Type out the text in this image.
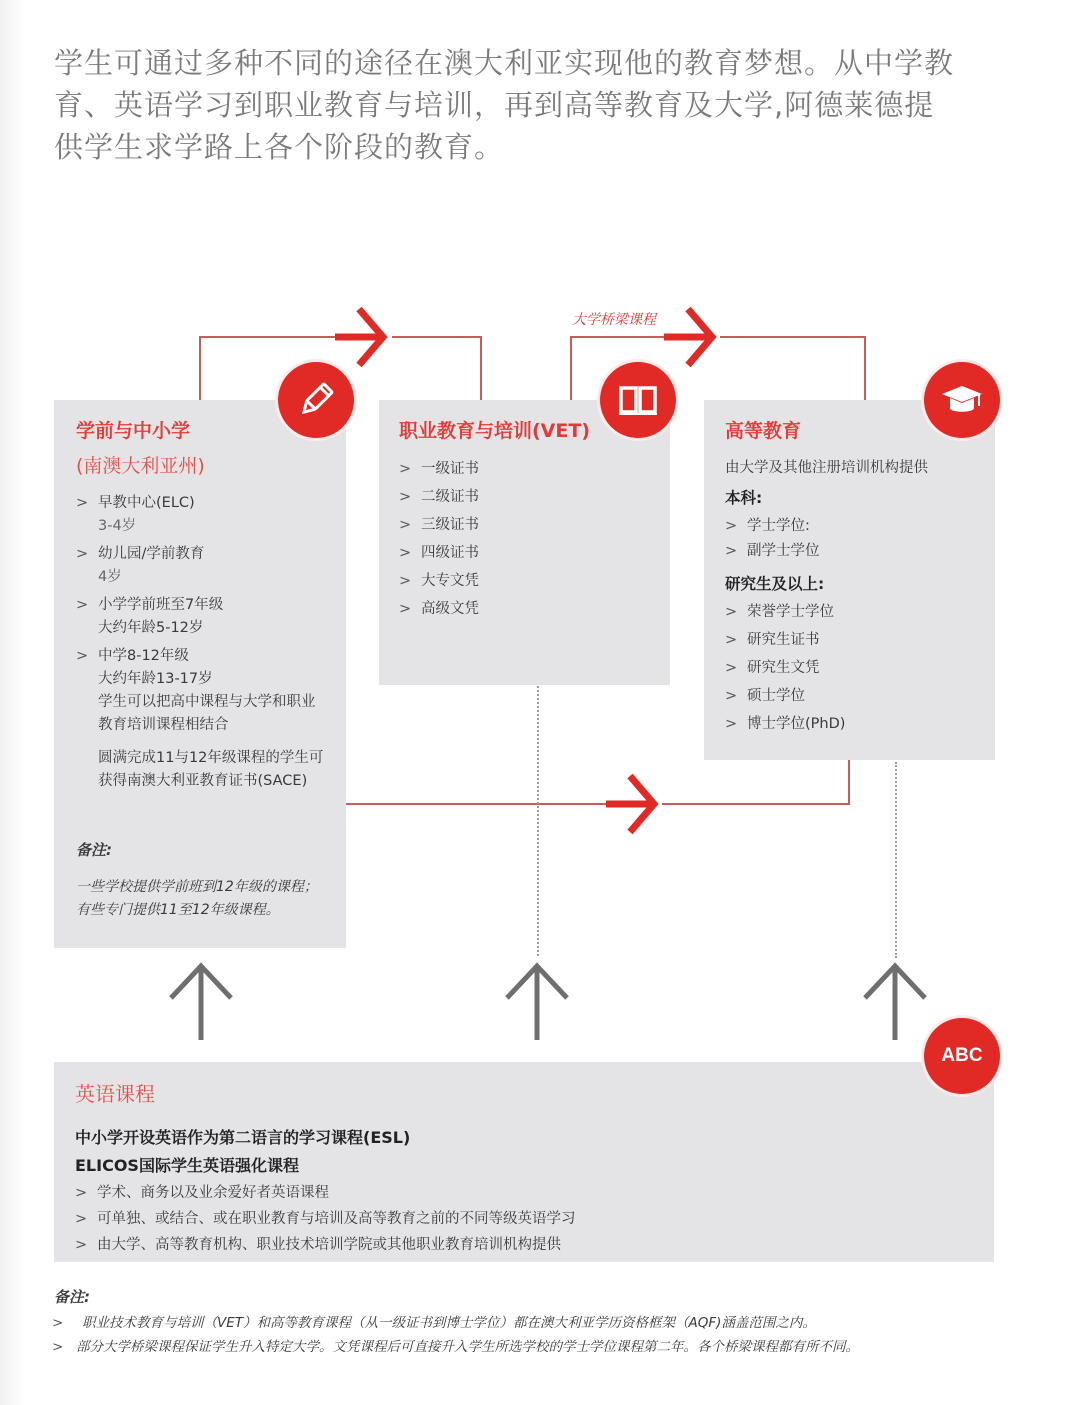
学生可通过多种不同的途径在澳大利亚实现他的教育梦想。从中学教育、英语学习到职业教育与培训，再到高等教育及大学,阿德莱德提供学生求学路上各个阶段的教育。
大学桥梁课程
学前与中小学
(南澳大利亚州)
> 早教中心(ELC)
3-4岁
> 幼儿园/学前教育
4岁
> 小学学前班至7年级
大约年龄5-12岁
> 中学8-12年级
大约年龄13-17岁
学生可以把高中课程与大学和职业教育培训课程相结合
圆满完成11与12年级课程的学生可获得南澳大利亚教育证书(SACE)
备注:
一些学校提供学前班到12年级的课程；有些专门提供11至12年级课程。
职业教育与培训(VET)
> 一级证书
> 二级证书
> 三级证书
> 四级证书
> 大专文凭
> 高级文凭
高等教育
由大学及其他注册培训机构提供
本科:
> 学士学位:
> 副学士学位
研究生及以上:
> 荣誉学士学位
> 研究生证书
> 研究生文凭
> 硕士学位
> 博士学位(PhD)
英语课程
中小学开设英语作为第二语言的学习课程(ESL)
ELICOS国际学生英语强化课程
> 学术、商务以及业余爱好者英语课程
> 可单独、或结合、或在职业教育与培训及高等教育之前的不同等级英语学习
> 由大学、高等教育机构、职业技术培训学院或其他职业教育培训机构提供
ABC
备注:
> 职业技术教育与培训（VET）和高等教育课程（从一级证书到博士学位）都在澳大利亚学历资格框架（AQF)涵盖范围之内。
> 部分大学桥梁课程保证学生升入特定大学。文凭课程后可直接升入学生所选学校的学士学位课程第二年。各个桥梁课程都有所不同。
